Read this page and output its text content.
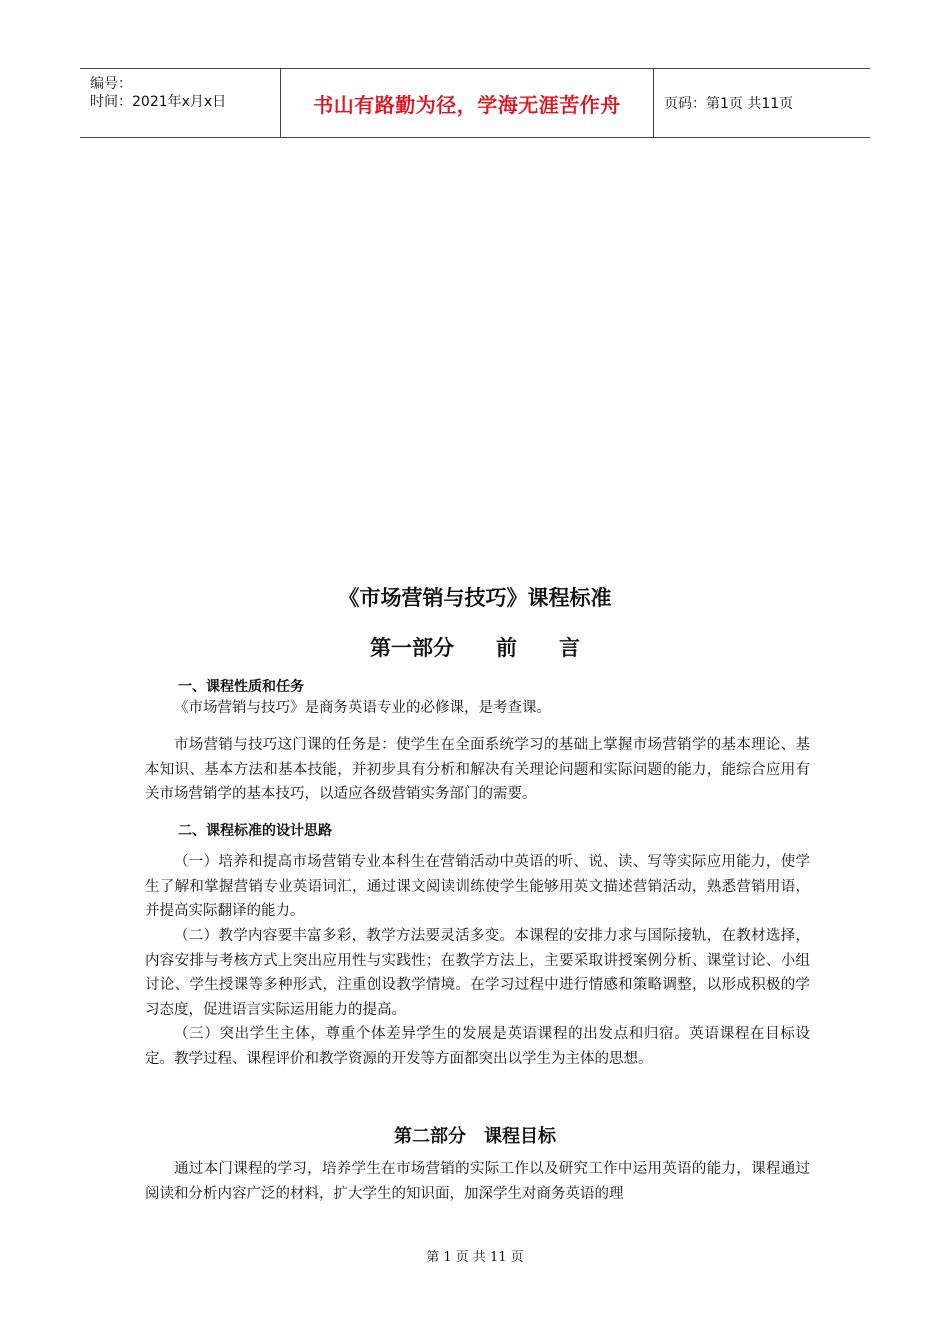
编号：
时间：2021年x月x日	书山有路勤为径，学海无涯苦作舟	页码：第1页 共11页
《市场营销与技巧》课程标准
第一部分　　前　　言
一、课程性质和任务

《市场营销与技巧》是商务英语专业的必修课，是考查课。

市场营销与技巧这门课的任务是：使学生在全面系统学习的基础上掌握市场营销学的基本理论、基本知识、基本方法和基本技能，并初步具有分析和解决有关理论问题和实际问题的能力，能综合应用有关市场营销学的基本技巧，以适应各级营销实务部门的需要。

二、课程标准的设计思路

（一）培养和提高市场营销专业本科生在营销活动中英语的听、说、读、写等实际应用能力，使学生了解和掌握营销专业英语词汇，通过课文阅读训练使学生能够用英文描述营销活动，熟悉营销用语，并提高实际翻译的能力。

（二）教学内容要丰富多彩，教学方法要灵活多变。本课程的安排力求与国际接轨，在教材选择，内容安排与考核方式上突出应用性与实践性；在教学方法上，主要采取讲授案例分析、课堂讨论、小组讨论、学生授课等多种形式，注重创设教学情境。在学习过程中进行情感和策略调整，以形成积极的学习态度，促进语言实际运用能力的提高。

（三）突出学生主体，尊重个体差异学生的发展是英语课程的出发点和归宿。英语课程在目标设定。教学过程、课程评价和教学资源的开发等方面都突出以学生为主体的思想。

第二部分　课程目标

通过本门课程的学习，培养学生在市场营销的实际工作以及研究工作中运用英语的能力，课程通过阅读和分析内容广泛的材料，扩大学生的知识面，加深学生对商务英语的理

第 1 页 共 11 页
